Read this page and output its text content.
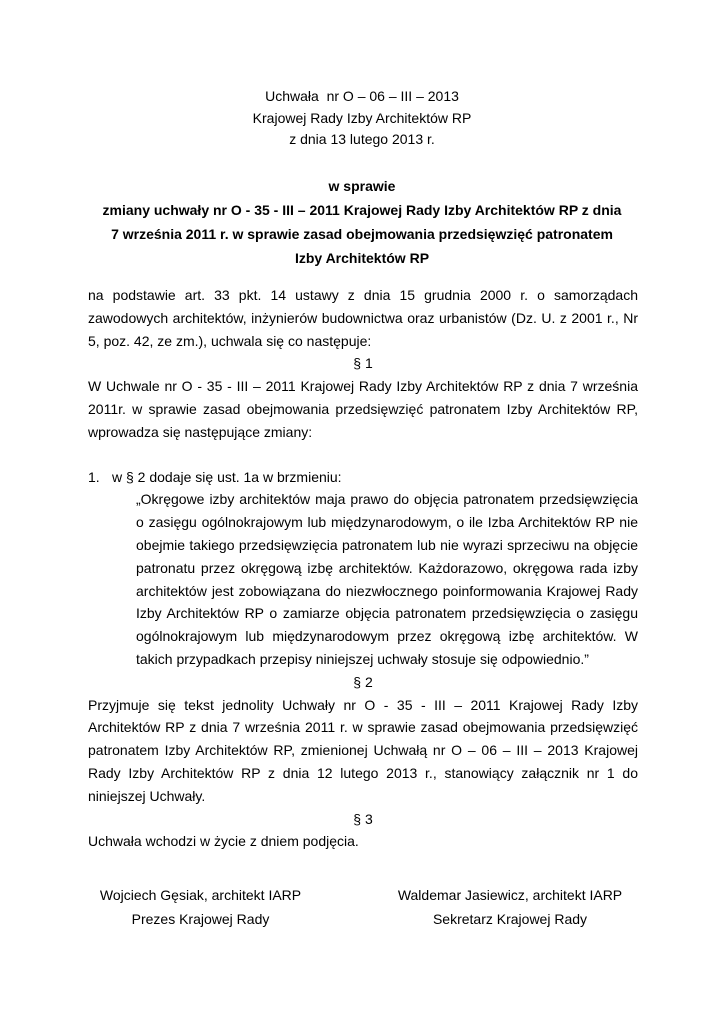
Uchwała  nr O – 06 – III – 2013
Krajowej Rady Izby Architektów RP
z dnia 13 lutego 2013 r.
w sprawie
zmiany uchwały nr O - 35 - III – 2011 Krajowej Rady Izby Architektów RP z dnia
7 września 2011 r. w sprawie zasad obejmowania przedsięwzięć patronatem
Izby Architektów RP

na podstawie art. 33 pkt. 14 ustawy z dnia 15 grudnia 2000 r. o samorządach zawodowych architektów, inżynierów budownictwa oraz urbanistów (Dz. U. z 2001 r., Nr 5, poz. 42, ze zm.), uchwala się co następuje:

§ 1

W Uchwale nr O - 35 - III – 2011 Krajowej Rady Izby Architektów RP z dnia 7 września 2011r. w sprawie zasad obejmowania przedsięwzięć patronatem Izby Architektów RP, wprowadza się następujące zmiany:

1. w § 2 dodaje się ust. 1a w brzmieniu:

„Okręgowe izby architektów maja prawo do objęcia patronatem przedsięwzięcia o zasięgu ogólnokrajowym lub międzynarodowym, o ile Izba Architektów RP nie obejmie takiego przedsięwzięcia patronatem lub nie wyrazi sprzeciwu na objęcie patronatu przez okręgową izbę architektów. Każdorazowo, okręgowa rada izby architektów jest zobowiązana do niezwłocznego poinformowania Krajowej Rady Izby Architektów RP o zamiarze objęcia patronatem przedsięwzięcia o zasięgu ogólnokrajowym lub międzynarodowym przez okręgową izbę architektów. W takich przypadkach przepisy niniejszej uchwały stosuje się odpowiednio.”

§ 2

Przyjmuje się tekst jednolity Uchwały nr O - 35 - III – 2011 Krajowej Rady Izby Architektów RP z dnia 7 września 2011 r. w sprawie zasad obejmowania przedsięwzięć patronatem Izby Architektów RP, zmienionej Uchwałą nr O – 06 – III – 2013 Krajowej Rady Izby Architektów RP z dnia 12 lutego 2013 r., stanowiący załącznik nr 1 do niniejszej Uchwały.

§ 3

Uchwała wchodzi w życie z dniem podjęcia.

Wojciech Gęsiak, architekt IARP
Prezes Krajowej Rady
Waldemar Jasiewicz, architekt IARP
Sekretarz Krajowej Rady
